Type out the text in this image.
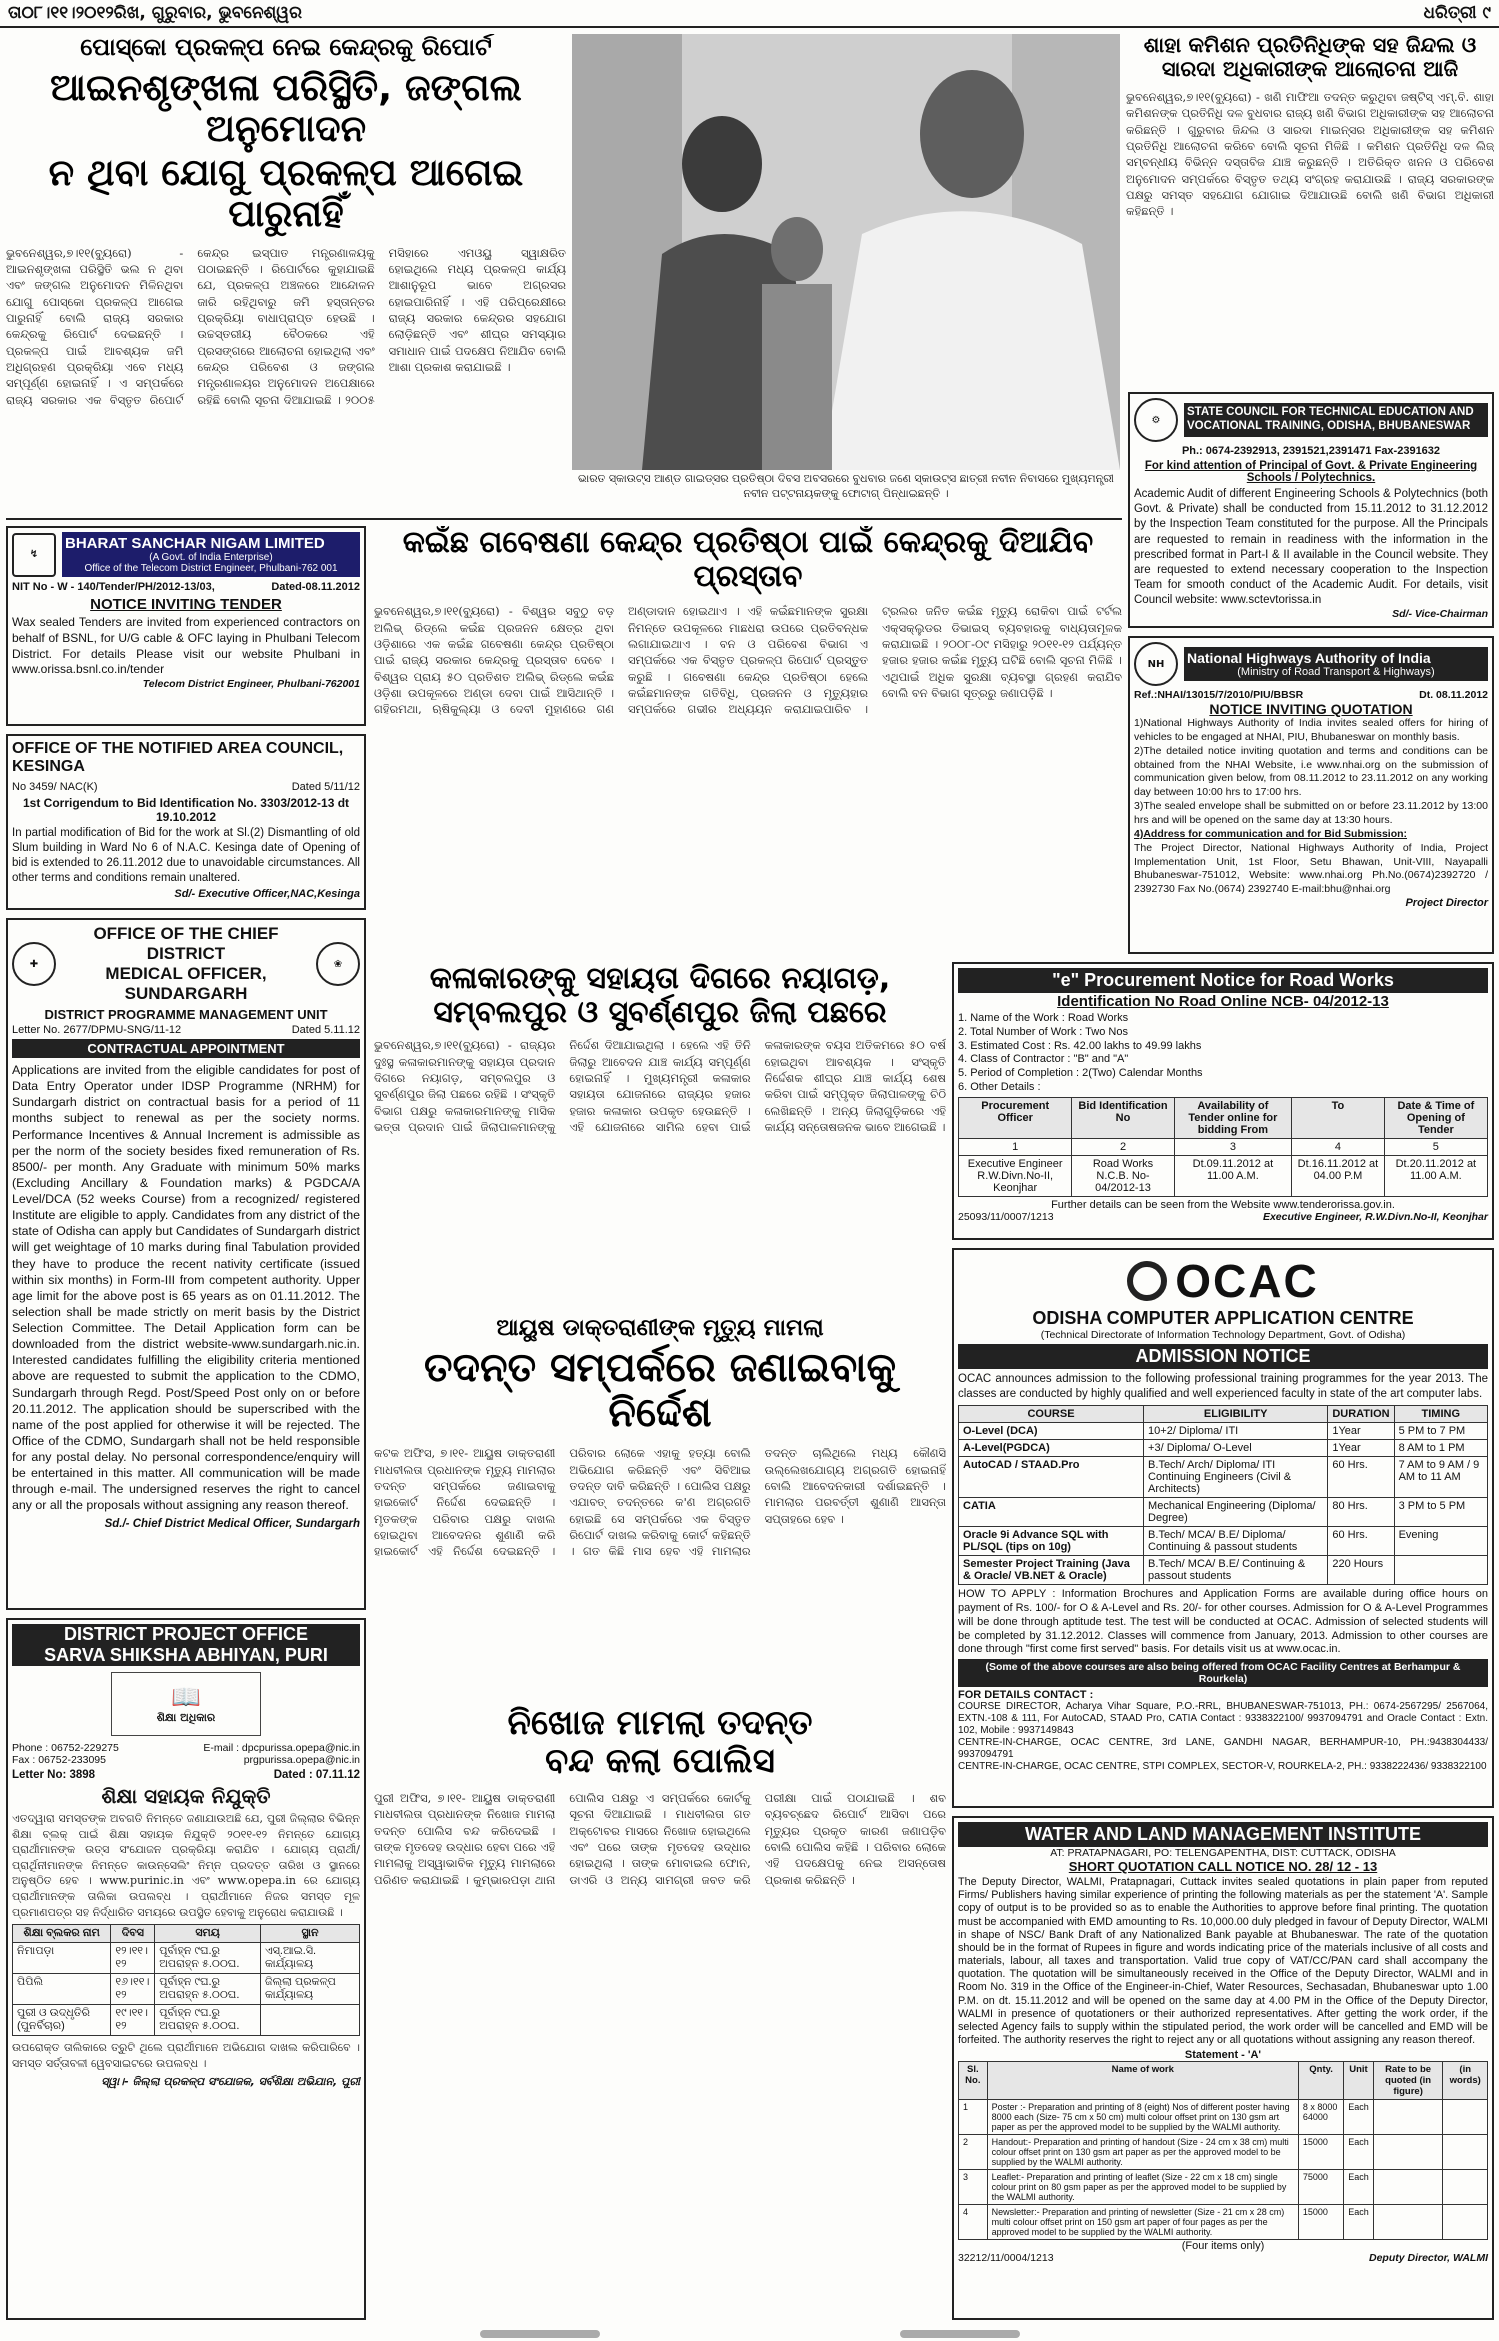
ତା୦୮।୧୧।୨୦୧୨ରିଖ, ଗୁରୁବାର, ଭୁବନେଶ୍ୱର	ଧରିତ୍ରୀ ୯
ପୋସ୍କୋ ପ୍ରକଳ୍ପ ନେଇ କେନ୍ଦ୍ରକୁ ରିପୋର୍ଟ
ଆଇନଶୃଙ୍ଖଳା ପରିସ୍ଥିତି, ଜଙ୍ଗଲ ଅନୁମୋଦନ
ନ ଥିବା ଯୋଗୁ ପ୍ରକଳ୍ପ ଆଗେଇ ପାରୁନାହିଁ
ଭୁବନେଶ୍ୱର,୭।୧୧(ବ୍ୟୁରୋ) - ଆଇନଶୃଙ୍ଖଳା ପରିସ୍ଥିତି ଭଲ ନ ଥିବା ଏବଂ ଜଙ୍ଗଲ ଅନୁମୋଦନ ମିଳିନଥିବା ଯୋଗୁ ପୋସ୍କୋ ପ୍ରକଳ୍ପ ଆଗେଇ ପାରୁନାହିଁ ବୋଲି ରାଜ୍ୟ ସରକାର କେନ୍ଦ୍ରକୁ ରିପୋର୍ଟ ଦେଇଛନ୍ତି । ପ୍ରକଳ୍ପ ପାଇଁ ଆବଶ୍ୟକ ଜମି ଅଧିଗ୍ରହଣ ପ୍ରକ୍ରିୟା ଏବେ ମଧ୍ୟ ସମ୍ପୂର୍ଣ୍ଣ ହୋଇନାହିଁ । ଏ ସମ୍ପର୍କରେ ରାଜ୍ୟ ସରକାର ଏକ ବିସ୍ତୃତ ରିପୋର୍ଟ କେନ୍ଦ୍ର ଇସ୍ପାତ ମନ୍ତ୍ରଣାଳୟକୁ ପଠାଇଛନ୍ତି । ରିପୋର୍ଟରେ କୁହାଯାଇଛି ଯେ, ପ୍ରକଳ୍ପ ଅଞ୍ଚଳରେ ଆନ୍ଦୋଳନ ଜାରି ରହିଥିବାରୁ ଜମି ହସ୍ତାନ୍ତର ପ୍ରକ୍ରିୟା ବାଧାପ୍ରାପ୍ତ ହେଉଛି । ଉଚ୍ଚସ୍ତରୀୟ ବୈଠକରେ ଏହି ପ୍ରସଙ୍ଗରେ ଆଲୋଚନା ହୋଇଥିଲା ଏବଂ କେନ୍ଦ୍ର ପରିବେଶ ଓ ଜଙ୍ଗଲ ମନ୍ତ୍ରଣାଳୟର ଅନୁମୋଦନ ଅପେକ୍ଷାରେ ରହିଛି ବୋଲି ସୂଚନା ଦିଆଯାଇଛି । ୨୦୦୫ ମସିହାରେ ଏମଓୟୁ ସ୍ୱାକ୍ଷରିତ ହୋଇଥିଲେ ମଧ୍ୟ ପ୍ରକଳ୍ପ କାର୍ଯ୍ୟ ଆଶାନୁରୂପ ଭାବେ ଅଗ୍ରସର ହୋଇପାରିନାହିଁ । ଏହି ପରିପ୍ରେକ୍ଷୀରେ ରାଜ୍ୟ ସରକାର କେନ୍ଦ୍ରର ସହଯୋଗ ଲୋଡ଼ିଛନ୍ତି ଏବଂ ଶୀଘ୍ର ସମସ୍ୟାର ସମାଧାନ ପାଇଁ ପଦକ୍ଷେପ ନିଆଯିବ ବୋଲି ଆଶା ପ୍ରକାଶ କରାଯାଇଛି ।
ଭାରତ ସ୍କାଉଟ୍ସ ଆଣ୍ଡ ଗାଇଡ୍ସର ପ୍ରତିଷ୍ଠା ଦିବସ ଅବସରରେ ବୁଧବାର ଜଣେ ସ୍କାଉଟ୍ସ ଛାତ୍ରୀ ନବୀନ ନିବାସରେ ମୁଖ୍ୟମନ୍ତ୍ରୀ ନବୀନ ପଟ୍ଟନାୟକଙ୍କୁ ଫୋଟାଗ୍ ପିନ୍ଧାଇଛନ୍ତି ।
ଶାହା କମିଶନ ପ୍ରତିନିଧିଙ୍କ ସହ ଜିନ୍ଦଲ ଓ ସାରଦା ଅଧିକାରୀଙ୍କ ଆଲୋଚନା ଆଜି
ଭୁବନେଶ୍ୱର,୭।୧୧(ବ୍ୟୁରୋ) - ଖଣି ମାଫିଆ ତଦନ୍ତ କରୁଥିବା ଜଷ୍ଟିସ୍ ଏମ୍.ବି. ଶାହା କମିଶନଙ୍କ ପ୍ରତିନିଧି ଦଳ ବୁଧବାର ରାଜ୍ୟ ଖଣି ବିଭାଗ ଅଧିକାରୀଙ୍କ ସହ ଆଲୋଚନା କରିଛନ୍ତି । ଗୁରୁବାର ଜିନ୍ଦଲ ଓ ସାରଦା ମାଇନ୍ସର ଅଧିକାରୀଙ୍କ ସହ କମିଶନ ପ୍ରତିନିଧି ଆଲୋଚନା କରିବେ ବୋଲି ସୂଚନା ମିଳିଛି । କମିଶନ ପ୍ରତିନିଧି ଦଳ ଲିଜ୍ ସମ୍ବନ୍ଧୀୟ ବିଭିନ୍ନ ଦସ୍ତାବିଜ ଯାଞ୍ଚ କରୁଛନ୍ତି । ଅତିରିକ୍ତ ଖନନ ଓ ପରିବେଶ ଅନୁମୋଦନ ସମ୍ପର୍କରେ ବିସ୍ତୃତ ତଥ୍ୟ ସଂଗ୍ରହ କରାଯାଉଛି । ରାଜ୍ୟ ସରକାରଙ୍କ ପକ୍ଷରୁ ସମସ୍ତ ସହଯୋଗ ଯୋଗାଇ ଦିଆଯାଉଛି ବୋଲି ଖଣି ବିଭାଗ ଅଧିକାରୀ କହିଛନ୍ତି ।
⚙
STATE COUNCIL FOR TECHNICAL EDUCATION AND VOCATIONAL TRAINING, ODISHA, BHUBANESWAR
Ph.: 0674-2392913, 2391521,2391471 Fax-2391632
For kind attention of Principal of Govt. & Private Engineering Schools / Polytechnics.
Academic Audit of different Engineering Schools & Polytechnics (both Govt. & Private) shall be conducted from 15.11.2012 to 31.12.2012 by the Inspection Team constituted for the purpose. All the Principals are requested to remain in readiness with the information in the prescribed format in Part-I & II available in the Council website. They are requested to extend necessary cooperation to the Inspection Team for smooth conduct of the Academic Audit. For details, visit Council website: www.sctevtorissa.in
Sd/- Vice-Chairman
↯
BHARAT SANCHAR NIGAM LIMITED
(A Govt. of India Enterprise)
Office of the Telecom District Engineer, Phulbani-762 001
NIT No - W - 140/Tender/PH/2012-13/03,	Dated-08.11.2012
NOTICE INVITING TENDER
Wax sealed Tenders are invited from experienced contractors on behalf of BSNL, for U/G cable & OFC laying in Phulbani Telecom District. For details Please visit our website Phulbani in www.orissa.bsnl.co.in/tender
Telecom District Engineer, Phulbani-762001
କଇଁଛ ଗବେଷଣା କେନ୍ଦ୍ର ପ୍ରତିଷ୍ଠା ପାଇଁ କେନ୍ଦ୍ରକୁ ଦିଆଯିବ ପ୍ରସ୍ତାବ
ଭୁବନେଶ୍ୱର,୭।୧୧(ବ୍ୟୁରୋ) - ବିଶ୍ୱର ସବୁଠୁ ବଡ଼ ଅଲିଭ୍ ରିଡ୍ଲେ କଇଁଛ ପ୍ରଜନନ କ୍ଷେତ୍ର ଥିବା ଓଡ଼ିଶାରେ ଏକ କଇଁଛ ଗବେଷଣା କେନ୍ଦ୍ର ପ୍ରତିଷ୍ଠା ପାଇଁ ରାଜ୍ୟ ସରକାର କେନ୍ଦ୍ରକୁ ପ୍ରସ୍ତାବ ଦେବେ । ବିଶ୍ୱର ପ୍ରାୟ ୫୦ ପ୍ରତିଶତ ଅଲିଭ୍ ରିଡ୍ଲେ କଇଁଛ ଓଡ଼ିଶା ଉପକୂଳରେ ଅଣ୍ଡା ଦେବା ପାଇଁ ଆସିଥାନ୍ତି । ଗହିରମଥା, ଋଷିକୁଲ୍ୟା ଓ ଦେବୀ ମୁହାଣରେ ଗଣ ଅଣ୍ଡାଦାନ ହୋଇଥାଏ । ଏହି କଇଁଛମାନଙ୍କ ସୁରକ୍ଷା ନିମନ୍ତେ ଉପକୂଳରେ ମାଛଧରା ଉପରେ ପ୍ରତିବନ୍ଧକ ଲଗାଯାଇଥାଏ । ବନ ଓ ପରିବେଶ ବିଭାଗ ଏ ସମ୍ପର୍କରେ ଏକ ବିସ୍ତୃତ ପ୍ରକଳ୍ପ ରିପୋର୍ଟ ପ୍ରସ୍ତୁତ କରୁଛି । ଗବେଷଣା କେନ୍ଦ୍ର ପ୍ରତିଷ୍ଠା ହେଲେ କଇଁଛମାନଙ୍କ ଗତିବିଧି, ପ୍ରଜନନ ଓ ମୃତ୍ୟୁହାର ସମ୍ପର୍କରେ ଗଭୀର ଅଧ୍ୟୟନ କରାଯାଇପାରିବ । ଟ୍ରଲର ଜନିତ କଇଁଛ ମୃତ୍ୟୁ ରୋକିବା ପାଇଁ ଟର୍ଟଲ ଏକ୍ସକ୍ଲୁଡର ଡିଭାଇସ୍ ବ୍ୟବହାରକୁ ବାଧ୍ୟତାମୂଳକ କରାଯାଇଛି । ୨୦୦୮-୦୯ ମସିହାରୁ ୨୦୧୧-୧୨ ପର୍ଯ୍ୟନ୍ତ ହଜାର ହଜାର କଇଁଛ ମୃତ୍ୟୁ ଘଟିଛି ବୋଲି ସୂଚନା ମିଳିଛି । ଏଥିପାଇଁ ଅଧିକ ସୁରକ୍ଷା ବ୍ୟବସ୍ଥା ଗ୍ରହଣ କରାଯିବ ବୋଲି ବନ ବିଭାଗ ସୂତ୍ରରୁ ଜଣାପଡ଼ିଛି ।
OFFICE OF THE NOTIFIED AREA COUNCIL, KESINGA
No 3459/ NAC(K)	Dated 5/11/12
1st Corrigendum to Bid Identification No. 3303/2012-13 dt 19.10.2012
In partial modification of Bid for the work at Sl.(2) Dismantling of old Slum building in Ward No 6 of N.A.C. Kesinga date of Opening of bid is extended to 26.11.2012 due to unavoidable circumstances. All other terms and conditions remain unaltered.
Sd/- Executive Officer,NAC,Kesinga
NH	National Highways Authority of India
(Ministry of Road Transport & Highways)
Ref.:NHAI/13015/7/2010/PIU/BBSR	Dt. 08.11.2012
NOTICE INVITING QUOTATION
1)National Highways Authority of India invites sealed offers for hiring of vehicles to be engaged at NHAI, PIU, Bhubaneswar on monthly basis.
2)The detailed notice inviting quotation and terms and conditions can be obtained from the NHAI Website, i.e www.nhai.org on the submission of communication given below, from 08.11.2012 to 23.11.2012 on any working day between 10:00 hrs to 17:00 hrs.
3)The sealed envelope shall be submitted on or before 23.11.2012 by 13:00 hrs and will be opened on the same day at 13:30 hours.
4)Address for communication and for Bid Submission:
The Project Director, National Highways Authority of India, Project Implementation Unit, 1st Floor, Setu Bhawan, Unit-VIII, Nayapalli Bhubaneswar-751012, Website: www.nhai.org Ph.No.(0674)2392720 / 2392730 Fax No.(0674) 2392740 E-mail:bhu@nhai.org
Project Director
✚
OFFICE OF THE CHIEF DISTRICT
MEDICAL OFFICER, SUNDARGARH
❀
DISTRICT PROGRAMME MANAGEMENT UNIT
Letter No. 2677/DPMU-SNG/11-12	Dated 5.11.12
CONTRACTUAL APPOINTMENT
Applications are invited from the eligible candidates for post of Data Entry Operator under IDSP Programme (NRHM) for Sundargarh district on contractual basis for a period of 11 months subject to renewal as per the society norms. Performance Incentives & Annual Increment is admissible as per the norm of the society besides fixed remuneration of Rs. 8500/- per month. Any Graduate with minimum 50% marks (Excluding Ancillary & Foundation marks) & PGDCA/A Level/DCA (52 weeks Course) from a recognized/ registered Institute are eligible to apply. Candidates from any district of the state of Odisha can apply but Candidates of Sundargarh district will get weightage of 10 marks during final Tabulation provided they have to produce the recent nativity certificate (issued within six months) in Form-III from competent authority. Upper age limit for the above post is 65 years as on 01.11.2012. The selection shall be made strictly on merit basis by the District Selection Committee. The Detail Application form can be downloaded from the district website-www.sundargarh.nic.in. Interested candidates fulfilling the eligibility criteria mentioned above are requested to submit the application to the CDMO, Sundargarh through Regd. Post/Speed Post only on or before 20.11.2012. The application should be superscribed with the name of the post applied for otherwise it will be rejected. The Office of the CDMO, Sundargarh shall not be held responsible for any postal delay. No personal correspondence/enquiry will be entertained in this matter. All communication will be made through e-mail. The undersigned reserves the right to cancel any or all the proposals without assigning any reason thereof.
Sd./- Chief District Medical Officer, Sundargarh
କଳାକାରଙ୍କୁ ସହାୟତା ଦିଗରେ ନୟାଗଡ଼,
ସମ୍ବଲପୁର ଓ ସୁବର୍ଣ୍ଣପୁର ଜିଲା ପଛରେ
ଭୁବନେଶ୍ୱର,୭।୧୧(ବ୍ୟୁରୋ) - ରାଜ୍ୟର ଦୁଃସ୍ଥ କଳାକାରମାନଙ୍କୁ ସହାୟତା ପ୍ରଦାନ ଦିଗରେ ନୟାଗଡ଼, ସମ୍ବଲପୁର ଓ ସୁବର୍ଣ୍ଣପୁର ଜିଲା ପଛରେ ରହିଛି । ସଂସ୍କୃତି ବିଭାଗ ପକ୍ଷରୁ କଳାକାରମାନଙ୍କୁ ମାସିକ ଭତ୍ତା ପ୍ରଦାନ ପାଇଁ ଜିଲାପାଳମାନଙ୍କୁ ନିର୍ଦ୍ଦେଶ ଦିଆଯାଇଥିଲା । ହେଲେ ଏହି ତିନି ଜିଲାରୁ ଆବେଦନ ଯାଞ୍ଚ କାର୍ଯ୍ୟ ସମ୍ପୂର୍ଣ୍ଣ ହୋଇନାହିଁ । ମୁଖ୍ୟମନ୍ତ୍ରୀ କଳାକାର ସହାୟତା ଯୋଜନାରେ ରାଜ୍ୟର ହଜାର ହଜାର କଳାକାର ଉପକୃତ ହେଉଛନ୍ତି । ଏହି ଯୋଜନାରେ ସାମିଲ ହେବା ପାଇଁ କଳାକାରଙ୍କ ବୟସ ଅତିକମରେ ୫୦ ବର୍ଷ ହୋଇଥିବା ଆବଶ୍ୟକ । ସଂସ୍କୃତି ନିର୍ଦ୍ଦେଶକ ଶୀଘ୍ର ଯାଞ୍ଚ କାର୍ଯ୍ୟ ଶେଷ କରିବା ପାଇଁ ସମ୍ପୃକ୍ତ ଜିଲାପାଳଙ୍କୁ ଚିଠି ଲେଖିଛନ୍ତି । ଅନ୍ୟ ଜିଲାଗୁଡ଼ିକରେ ଏହି କାର୍ଯ୍ୟ ସନ୍ତୋଷଜନକ ଭାବେ ଆଗେଇଛି ।
"e" Procurement Notice for Road Works
Identification No Road Online NCB- 04/2012-13
1. Name of the Work : Road Works
2. Total Number of Work : Two Nos
3. Estimated Cost : Rs. 42.00 lakhs to 49.99 lakhs
4. Class of Contractor : "B" and "A"
5. Period of Completion : 2(Two) Calendar Months
6. Other Details :
Procurement Officer	Bid Identification No	Availability of Tender online for bidding From	To	Date & Time of Opening of Tender
1	2	3	4	5
Executive Engineer R.W.Divn.No-II, Keonjhar	Road Works N.C.B. No-04/2012-13	Dt.09.11.2012 at 11.00 A.M.	Dt.16.11.2012 at 04.00 P.M	Dt.20.11.2012 at 11.00 A.M.
Further details can be seen from the Website www.tenderorissa.gov.in.
25093/11/0007/1213	Executive Engineer, R.W.Divn.No-II, Keonjhar
ଆୟୁଷ ଡାକ୍ତରାଣୀଙ୍କ ମୃତ୍ୟୁ ମାମଲା
ତଦନ୍ତ ସମ୍ପର୍କରେ ଜଣାଇବାକୁ ନିର୍ଦ୍ଦେଶ
କଟକ ଅଫିସ, ୭।୧୧- ଆୟୁଷ ଡାକ୍ତରାଣୀ ମାଧବୀଲତା ପ୍ରଧାନଙ୍କ ମୃତ୍ୟୁ ମାମଲାର ତଦନ୍ତ ସମ୍ପର୍କରେ ଜଣାଇବାକୁ ହାଇକୋର୍ଟ ନିର୍ଦ୍ଦେଶ ଦେଇଛନ୍ତି । ମୃତକଙ୍କ ପରିବାର ପକ୍ଷରୁ ଦାଖଲ ହୋଇଥିବା ଆବେଦନର ଶୁଣାଣି କରି ହାଇକୋର୍ଟ ଏହି ନିର୍ଦ୍ଦେଶ ଦେଇଛନ୍ତି । ପରିବାର ଲୋକେ ଏହାକୁ ହତ୍ୟା ବୋଲି ଅଭିଯୋଗ କରିଛନ୍ତି ଏବଂ ସିବିଆଇ ତଦନ୍ତ ଦାବି କରିଛନ୍ତି । ପୋଲିସ ପକ୍ଷରୁ ଏଯାବତ୍ ତଦନ୍ତରେ କ'ଣ ଅଗ୍ରଗତି ହୋଇଛି ସେ ସମ୍ପର୍କରେ ଏକ ବିସ୍ତୃତ ରିପୋର୍ଟ ଦାଖଲ କରିବାକୁ କୋର୍ଟ କହିଛନ୍ତି । ଗତ କିଛି ମାସ ହେବ ଏହି ମାମଲାର ତଦନ୍ତ ଚାଲିଥିଲେ ମଧ୍ୟ କୌଣସି ଉଲ୍ଲେଖଯୋଗ୍ୟ ଅଗ୍ରଗତି ହୋଇନାହିଁ ବୋଲି ଆବେଦନକାରୀ ଦର୍ଶାଇଛନ୍ତି । ମାମଲାର ପରବର୍ତ୍ତୀ ଶୁଣାଣି ଆସନ୍ତା ସପ୍ତାହରେ ହେବ ।
OCAC
ODISHA COMPUTER APPLICATION CENTRE
(Technical Directorate of Information Technology Department, Govt. of Odisha)
ADMISSION NOTICE
OCAC announces admission to the following professional training programmes for the year 2013. The classes are conducted by highly qualified and well experienced faculty in state of the art computer labs.
COURSE	ELIGIBILITY	DURATION	TIMING
O-Level (DCA)	10+2/ Diploma/ ITI	1Year	5 PM to 7 PM
A-Level(PGDCA)	+3/ Diploma/ O-Level	1Year	8 AM to 1 PM
AutoCAD / STAAD.Pro	B.Tech/ Arch/ Diploma/ ITI Continuing Engineers (Civil & Architects)	60 Hrs.	7 AM to 9 AM / 9 AM to 11 AM
CATIA	Mechanical Engineering (Diploma/ Degree)	80 Hrs.	3 PM to 5 PM
Oracle 9i Advance SQL with PL/SQL (tips on 10g)	B.Tech/ MCA/ B.E/ Diploma/ Continuing & passout students	60 Hrs.	Evening
Semester Project Training (Java & Oracle/ VB.NET & Oracle)	B.Tech/ MCA/ B.E/ Continuing & passout students	220 Hours	
HOW TO APPLY : Information Brochures and Application Forms are available during office hours on payment of Rs. 100/- for O & A-Level and Rs. 20/- for other courses. Admission for O & A-Level Programmes will be done through aptitude test. The test will be conducted at OCAC. Admission of selected students will be completed by 31.12.2012. Classes will commence from January, 2013. Admission to other courses are done through "first come first served" basis. For details visit us at www.ocac.in.
(Some of the above courses are also being offered from OCAC Facility Centres at Berhampur & Rourkela)
FOR DETAILS CONTACT :
COURSE DIRECTOR, Acharya Vihar Square, P.O.-RRL, BHUBANESWAR-751013, PH.: 0674-2567295/ 2567064, EXTN.-108 & 111, For AutoCAD, STAAD Pro, CATIA Contact : 9338322100/ 9937094791 and Oracle Contact : Extn. 102, Mobile : 9937149843
CENTRE-IN-CHARGE, OCAC CENTRE, 3rd LANE, GANDHI NAGAR, BERHAMPUR-10, PH.:9438304433/ 9937094791
CENTRE-IN-CHARGE, OCAC CENTRE, STPI COMPLEX, SECTOR-V, ROURKELA-2, PH.: 9338222436/ 9338322100
DISTRICT PROJECT OFFICE
SARVA SHIKSHA ABHIYAN, PURI
📖
ଶିକ୍ଷା ଅଧିକାର
Phone : 06752-229275
Fax : 06752-233095
E-mail : dpcpurissa.opepa@nic.in
prgpurissa.opepa@nic.in
Letter No: 3898	Dated : 07.11.12
ଶିକ୍ଷା ସହାୟକ ନିଯୁକ୍ତି
ଏତଦ୍ୱାରା ସମସ୍ତଙ୍କ ଅବଗତି ନିମନ୍ତେ ଜଣାଯାଉଅଛି ଯେ, ପୁରୀ ଜିଲ୍ଲାର ବିଭିନ୍ନ ଶିକ୍ଷା ବ୍ଲକ୍ ପାଇଁ ଶିକ୍ଷା ସହାୟକ ନିଯୁକ୍ତି ୨୦୧୧-୧୨ ନିମନ୍ତେ ଯୋଗ୍ୟ ପ୍ରାର୍ଥୀମାନଙ୍କ ଉତ୍ସ ସଂଯୋଜନ ପ୍ରକ୍ରିୟା କରାଯିବ । ଯୋଗ୍ୟ ପ୍ରାର୍ଥୀ/ପ୍ରାର୍ଥିନୀମାନଙ୍କ ନିମନ୍ତେ କାଉନ୍ସେଲିଂ ନିମ୍ନ ପ୍ରଦତ୍ତ ତାରିଖ ଓ ସ୍ଥାନରେ ଅନୁଷ୍ଠିତ ହେବ । www.purinic.in ଏବଂ www.opepa.in ରେ ଯୋଗ୍ୟ ପ୍ରାର୍ଥୀମାନଙ୍କ ତାଲିକା ଉପଲବ୍ଧ । ପ୍ରାର୍ଥୀମାନେ ନିଜର ସମସ୍ତ ମୂଳ ପ୍ରମାଣପତ୍ର ସହ ନିର୍ଦ୍ଧାରିତ ସମୟରେ ଉପସ୍ଥିତ ହେବାକୁ ଅନୁରୋଧ କରାଯାଉଛି ।
ଶିକ୍ଷା ବ୍ଲକର ନାମ	ଦିବସ	ସମୟ	ସ୍ଥାନ
ନିମାପଡ଼ା	୧୨।୧୧।୧୨	ପୂର୍ବାହ୍ନ ୯ଘ.ରୁ ଅପରାହ୍ନ ୫.୦୦ଘ.	ଏସ୍.ଆଇ.ସି. କାର୍ଯ୍ୟାଳୟ
ପିପିଲି	୧୬।୧୧।୧୨	ପୂର୍ବାହ୍ନ ୯ଘ.ରୁ ଅପରାହ୍ନ ୫.୦୦ଘ.	ଜିଲ୍ଲା ପ୍ରକଳ୍ପ କାର୍ଯ୍ୟାଳୟ
ପୁରୀ ଓ ଉଦ୍ଧୃତିରି (ପୁନର୍ବିଚାର)	୧୯।୧୧।୧୨	ପୂର୍ବାହ୍ନ ୯ଘ.ରୁ ଅପରାହ୍ନ ୫.୦୦ଘ.	
ଉପରୋକ୍ତ ତାଲିକାରେ ତ୍ରୁଟି ଥିଲେ ପ୍ରାର୍ଥୀମାନେ ଅଭିଯୋଗ ଦାଖଲ କରିପାରିବେ । ସମସ୍ତ ସର୍ତ୍ତାବଳୀ ୱେବସାଇଟରେ ଉପଲବ୍ଧ ।
ସ୍ୱା।- ଜିଲ୍ଲା ପ୍ରକଳ୍ପ ସଂଯୋଜକ, ସର୍ବଶିକ୍ଷା ଅଭିଯାନ, ପୁରୀ
ନିଖୋଜ ମାମଲା ତଦନ୍ତ
ବନ୍ଦ କଲା ପୋଲିସ
ପୁରୀ ଅଫିସ, ୭।୧୧- ଆୟୁଷ ଡାକ୍ତରାଣୀ ମାଧବୀଲତା ପ୍ରଧାନଙ୍କ ନିଖୋଜ ମାମଲା ତଦନ୍ତ ପୋଲିସ ବନ୍ଦ କରିଦେଇଛି । ତାଙ୍କ ମୃତଦେହ ଉଦ୍ଧାର ହେବା ପରେ ଏହି ମାମଲାକୁ ଅସ୍ୱାଭାବିକ ମୃତ୍ୟୁ ମାମଲାରେ ପରିଣତ କରାଯାଇଛି । କୁମ୍ଭାରପଡ଼ା ଥାନା ପୋଲିସ ପକ୍ଷରୁ ଏ ସମ୍ପର୍କରେ କୋର୍ଟକୁ ସୂଚନା ଦିଆଯାଇଛି । ମାଧବୀଲତା ଗତ ଅକ୍ଟୋବର ମାସରେ ନିଖୋଜ ହୋଇଥିଲେ ଏବଂ ପରେ ତାଙ୍କ ମୃତଦେହ ଉଦ୍ଧାର ହୋଇଥିଲା । ତାଙ୍କ ମୋବାଇଲ ଫୋନ, ଡାଏରି ଓ ଅନ୍ୟ ସାମଗ୍ରୀ ଜବତ କରି ପରୀକ୍ଷା ପାଇଁ ପଠାଯାଇଛି । ଶବ ବ୍ୟବଚ୍ଛେଦ ରିପୋର୍ଟ ଆସିବା ପରେ ମୃତ୍ୟୁର ପ୍ରକୃତ କାରଣ ଜଣାପଡ଼ିବ ବୋଲି ପୋଲିସ କହିଛି । ପରିବାର ଲୋକେ ଏହି ପଦକ୍ଷେପକୁ ନେଇ ଅସନ୍ତୋଷ ପ୍ରକାଶ କରିଛନ୍ତି ।
WATER AND LAND MANAGEMENT INSTITUTE
AT: PRATAPNAGARI, PO: TELENGAPENTHA, DIST: CUTTACK, ODISHA
SHORT QUOTATION CALL NOTICE NO. 28/ 12 - 13
The Deputy Director, WALMI, Pratapnagari, Cuttack invites sealed quotations in plain paper from reputed Firms/ Publishers having similar experience of printing the following materials as per the statement 'A'. Sample copy of output is to be provided so as to enable the Authorities to approve before final printing. The quotation must be accompanied with EMD amounting to Rs. 10,000.00 duly pledged in favour of Deputy Director, WALMI in shape of NSC/ Bank Draft of any Nationalized Bank payable at Bhubaneswar. The rate of the quotation should be in the format of Rupees in figure and words indicating price of the materials inclusive of all costs and materials, labour, all taxes and transportation. Valid true copy of VAT/CC/PAN card shall accompany the quotation. The quotation will be simultaneously received in the Office of the Deputy Director, WALMI and in Room No. 319 in the Office of the Engineer-in-Chief, Water Resources, Sechasadan, Bhubaneswar upto 1.00 P.M. on dt. 15.11.2012 and will be opened on the same day at 4.00 PM in the Office of the Deputy Director, WALMI in presence of quotationers or their authorized representatives. After getting the work order, if the selected Agency fails to supply within the stipulated period, the work order will be cancelled and EMD will be forfeited. The authority reserves the right to reject any or all quotations without assigning any reason thereof.
Statement - 'A'
Sl. No.	Name of work	Qnty.	Unit	Rate to be quoted (in figure)	(in words)
1	Poster :- Preparation and printing of 8 (eight) Nos of different poster having 8000 each (Size- 75 cm x 50 cm) multi colour offset print on 130 gsm art paper as per the approved model to be supplied by the WALMI authority.	8 x 8000 64000	Each		
2	Handout:- Preparation and printing of handout (Size - 24 cm x 38 cm) multi colour offset print on 130 gsm art paper as per the approved model to be supplied by the WALMI authority.	15000	Each		
3	Leaflet:- Preparation and printing of leaflet (Size - 22 cm x 18 cm) single colour print on 80 gsm paper as per the approved model to be supplied by the WALMI authority.	75000	Each		
4	Newsletter:- Preparation and printing of newsletter (Size - 21 cm x 28 cm) multi colour offset print on 150 gsm art paper of four pages as per the approved model to be supplied by the WALMI authority.	15000	Each		
(Four items only)
32212/11/0004/1213	Deputy Director, WALMI
